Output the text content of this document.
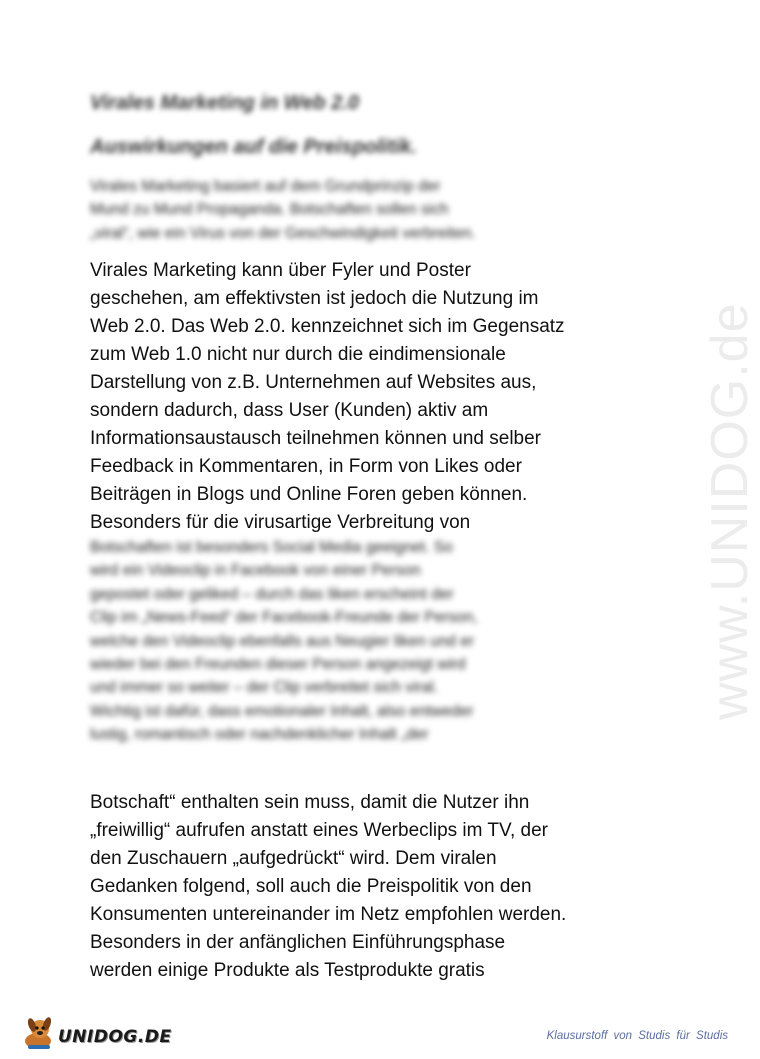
www.UNIDOG.de
Virales Marketing in Web 2.0
Auswirkungen auf die Preispolitik.
Virales Marketing basiert auf dem Grundprinzip der
Mund zu Mund Propaganda. Botschaften sollen sich
„viral“, wie ein Virus von der Geschwindigkeit verbreiten.
Virales Marketing kann über Fyler und Poster
geschehen, am effektivsten ist jedoch die Nutzung im
Web 2.0. Das Web 2.0. kennzeichnet sich im Gegensatz
zum Web 1.0 nicht nur durch die eindimensionale
Darstellung von z.B. Unternehmen auf Websites aus,
sondern dadurch, dass User (Kunden) aktiv am
Informationsaustausch teilnehmen können und selber
Feedback in Kommentaren, in Form von Likes oder
Beiträgen in Blogs und Online Foren geben können.
Besonders für die virusartige Verbreitung von
Botschaften ist besonders Social Media geeignet. So
wird ein Videoclip in Facebook von einer Person
gepostet oder geliked – durch das liken erscheint der
Clip im „News-Feed“ der Facebook-Freunde der Person,
welche den Videoclip ebenfalls aus Neugier liken und er
wieder bei den Freunden dieser Person angezeigt wird
und immer so weiter – der Clip verbreitet sich viral.
Wichtig ist dafür, dass emotionaler Inhalt, also entweder
lustig, romantisch oder nachdenklicher Inhalt „der
Botschaft“ enthalten sein muss, damit die Nutzer ihn
„freiwillig“ aufrufen anstatt eines Werbeclips im TV, der
den Zuschauern „aufgedrückt“ wird. Dem viralen
Gedanken folgend, soll auch die Preispolitik von den
Konsumenten untereinander im Netz empfohlen werden.
Besonders in der anfänglichen Einführungsphase
werden einige Produkte als Testprodukte gratis
UNIDOG.DE	Klausurstoff von Studis für Studis
